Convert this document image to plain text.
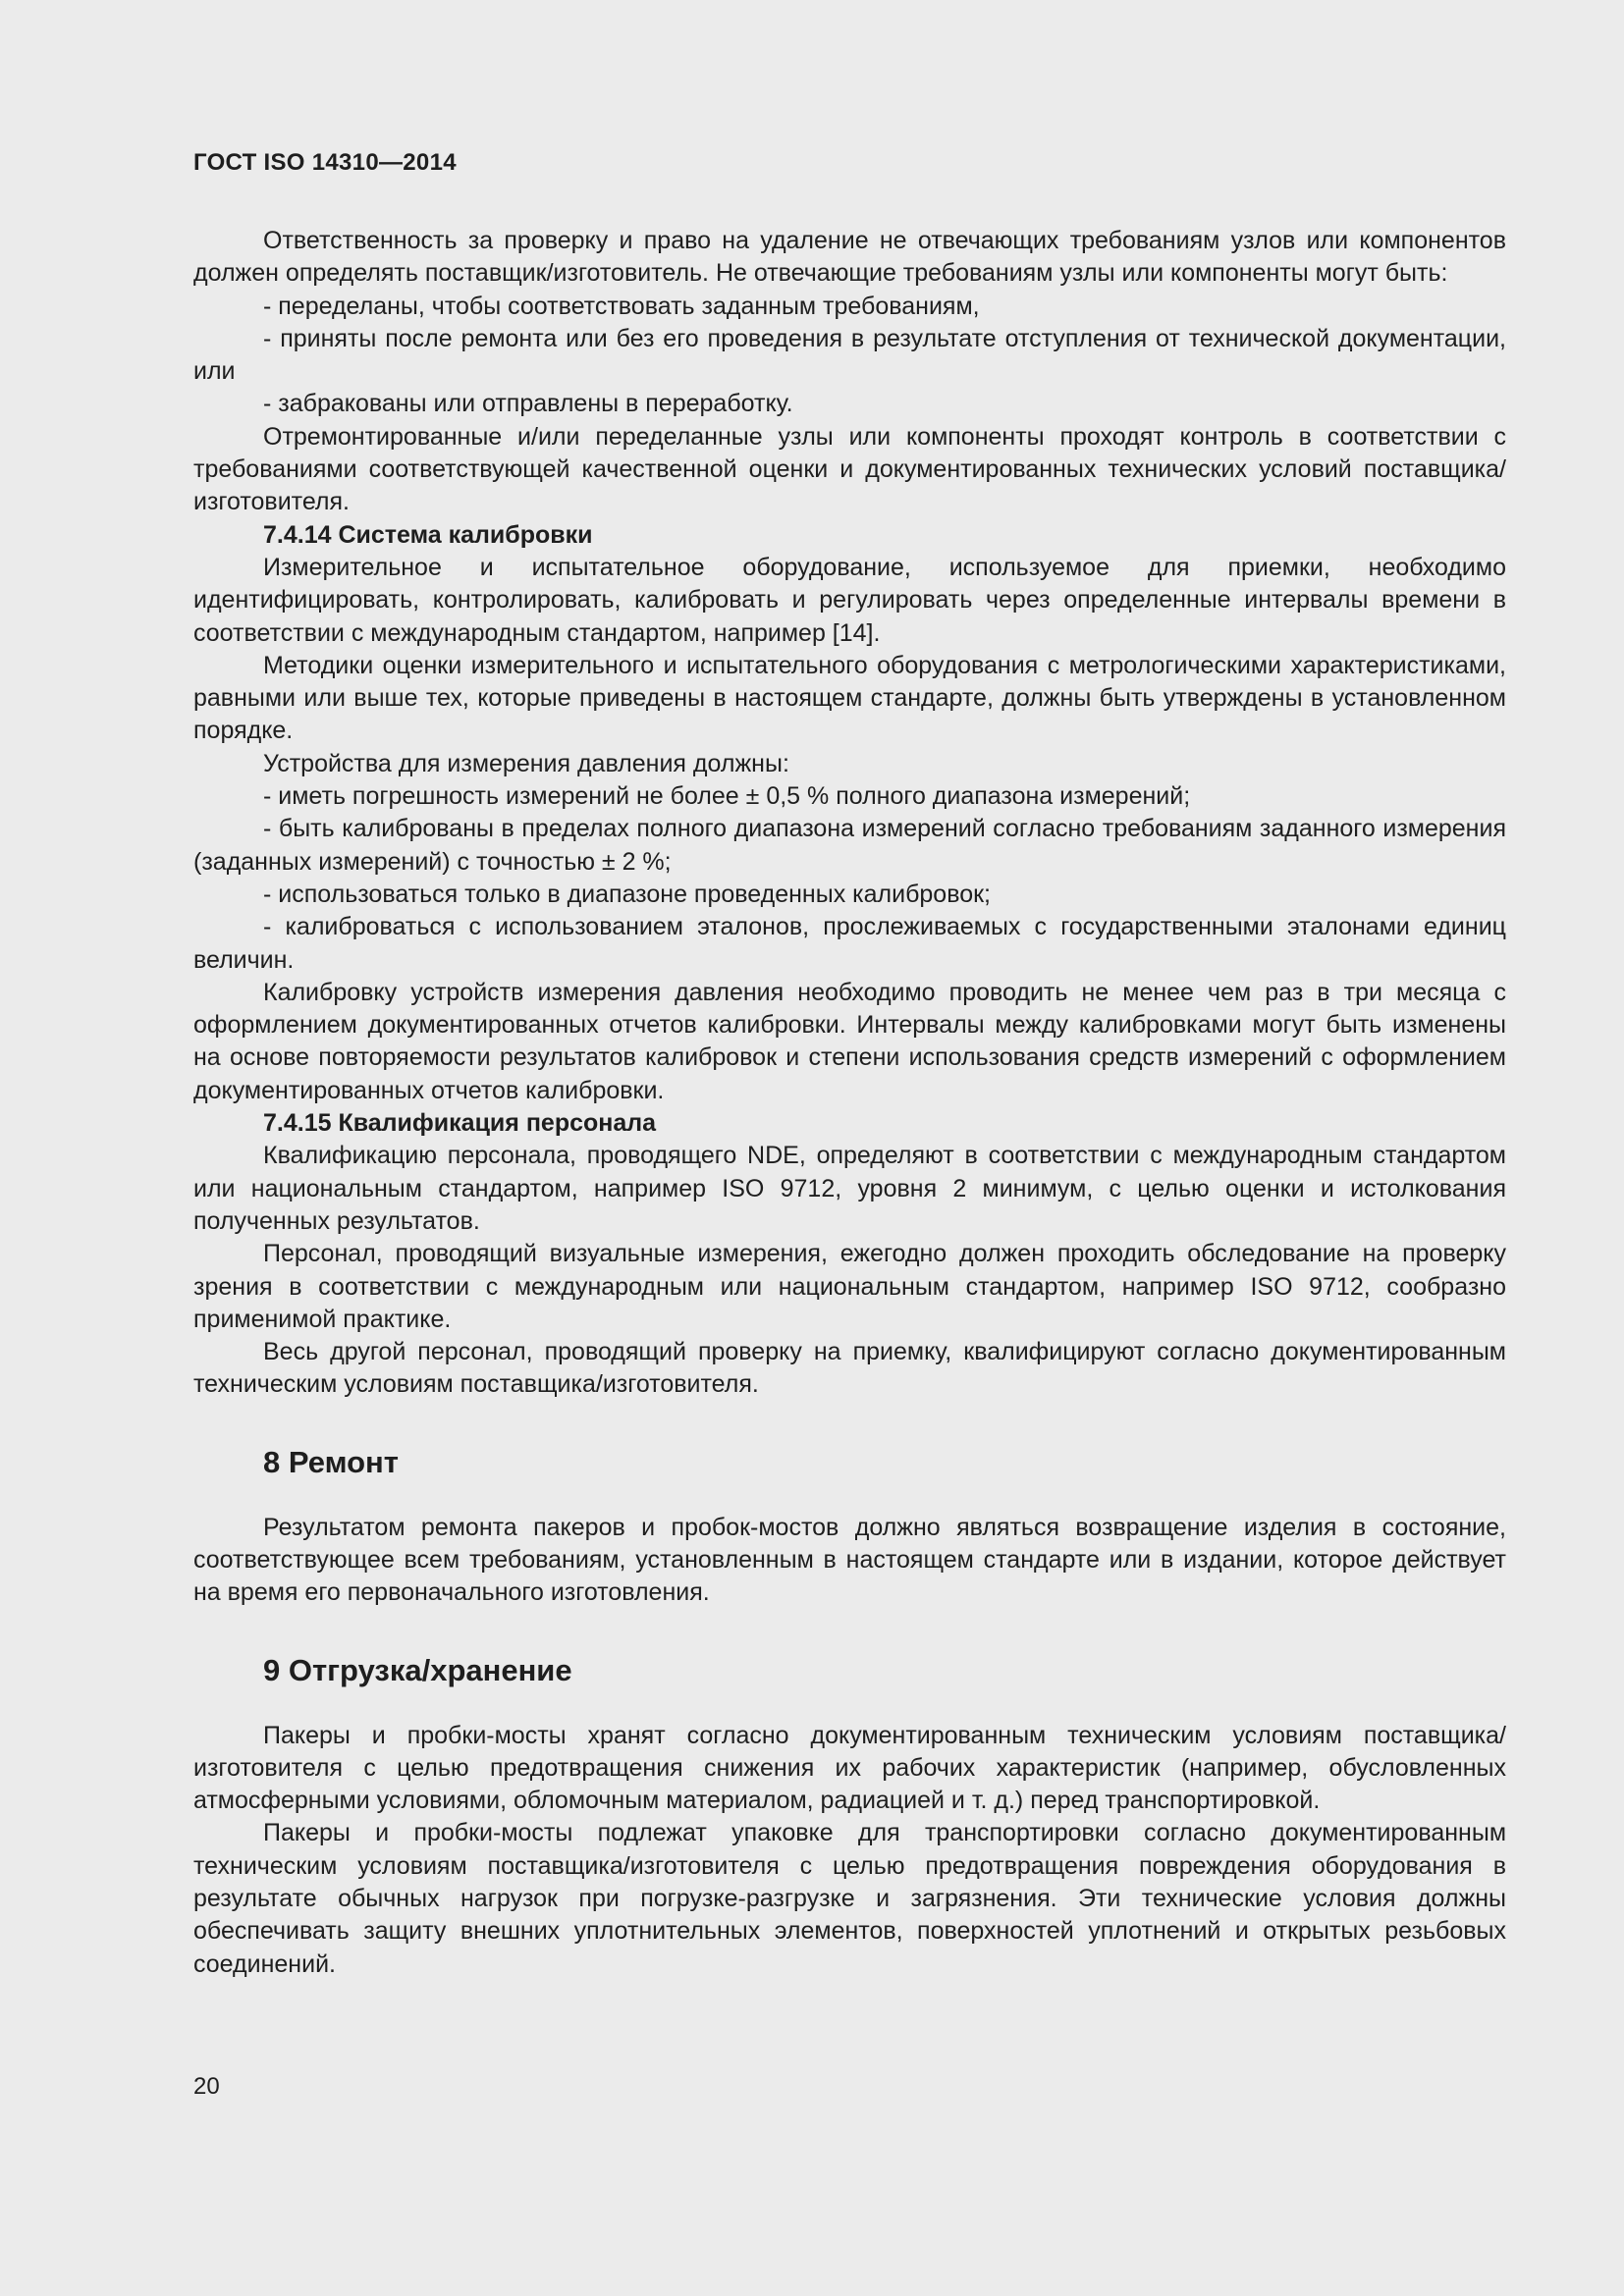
ГОСТ ISO 14310—2014

Ответственность за проверку и право на удаление не отвечающих требованиям узлов или компонентов должен определять поставщик/изготовитель. Не отвечающие требованиям узлы или компоненты могут быть:

- переделаны, чтобы соответствовать заданным требованиям,

- приняты после ремонта или без его проведения в результате отступления от технической документации, или

- забракованы или отправлены в переработку.

Отремонтированные и/или переделанные узлы или компоненты проходят контроль в соответствии с требованиями соответствующей качественной оценки и документированных технических условий поставщика/изготовителя.

7.4.14 Система калибровки

Измерительное и испытательное оборудование, используемое для приемки, необходимо идентифицировать, контролировать, калибровать и регулировать через определенные интервалы времени в соответствии с международным стандартом, например [14].

Методики оценки измерительного и испытательного оборудования с метрологическими характеристиками, равными или выше тех, которые приведены в настоящем стандарте, должны быть утверждены в установленном порядке.

Устройства для измерения давления должны:

- иметь погрешность измерений не более ± 0,5 % полного диапазона измерений;

- быть калиброваны в пределах полного диапазона измерений согласно требованиям заданного измерения (заданных измерений) с точностью ± 2 %;

- использоваться только в диапазоне проведенных калибровок;

- калиброваться с использованием эталонов, прослеживаемых с государственными эталонами единиц величин.

Калибровку устройств измерения давления необходимо проводить не менее чем раз в три месяца с оформлением документированных отчетов калибровки. Интервалы между калибровками могут быть изменены на основе повторяемости результатов калибровок и степени использования средств измерений с оформлением документированных отчетов калибровки.

7.4.15 Квалификация персонала

Квалификацию персонала, проводящего NDE, определяют в соответствии с международным стандартом или национальным стандартом, например ISO 9712, уровня 2 минимум, с целью оценки и истолкования полученных результатов.

Персонал, проводящий визуальные измерения, ежегодно должен проходить обследование на проверку зрения в соответствии с международным или национальным стандартом, например ISO 9712, сообразно применимой практике.

Весь другой персонал, проводящий проверку на приемку, квалифицируют согласно документированным техническим условиям поставщика/изготовителя.

8 Ремонт

Результатом ремонта пакеров и пробок-мостов должно являться возвращение изделия в состояние, соответствующее всем требованиям, установленным в настоящем стандарте или в издании, которое действует на время его первоначального изготовления.

9 Отгрузка/хранение

Пакеры и пробки-мосты хранят согласно документированным техническим условиям поставщика/изготовителя с целью предотвращения снижения их рабочих характеристик (например, обусловленных атмосферными условиями, обломочным материалом, радиацией и т. д.) перед транспортировкой.

Пакеры и пробки-мосты подлежат упаковке для транспортировки согласно документированным техническим условиям поставщика/изготовителя с целью предотвращения повреждения оборудования в результате обычных нагрузок при погрузке-разгрузке и загрязнения. Эти технические условия должны обеспечивать защиту внешних уплотнительных элементов, поверхностей уплотнений и открытых резьбовых соединений.

20
